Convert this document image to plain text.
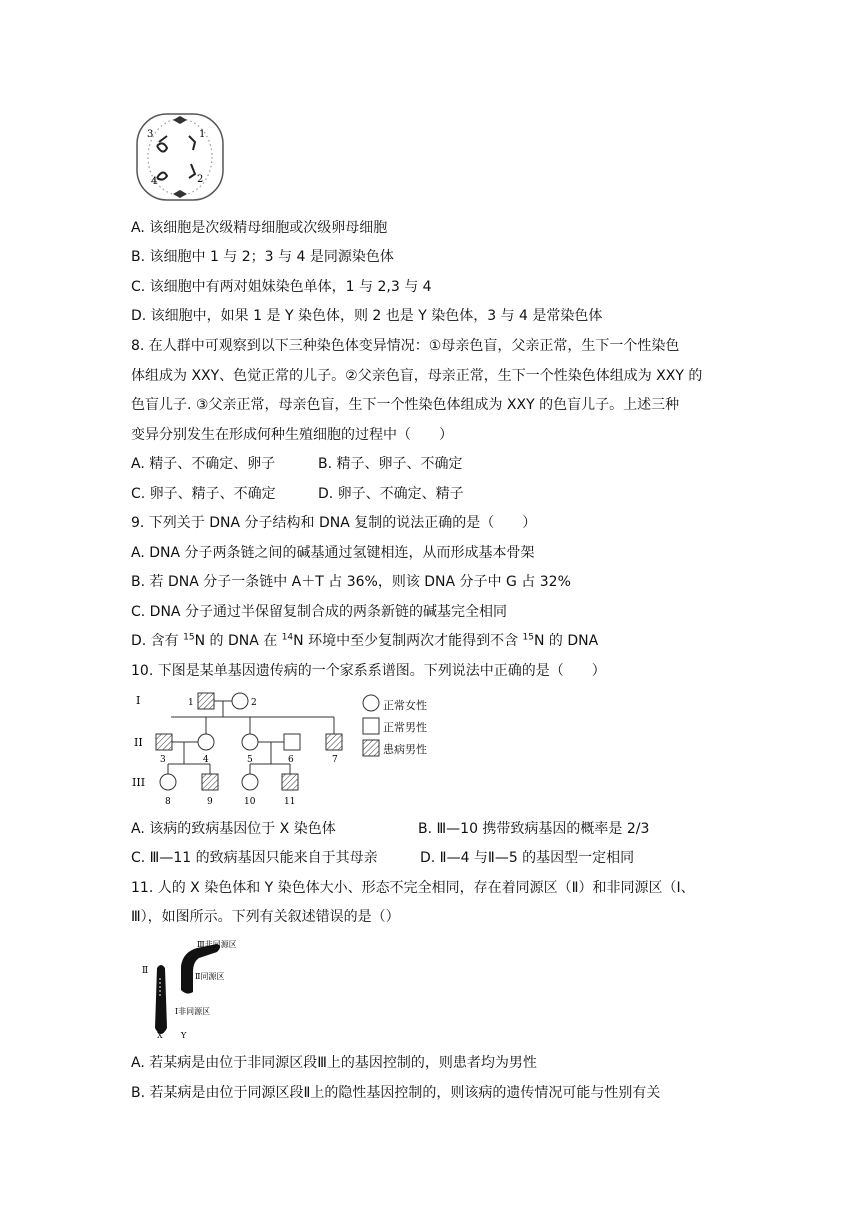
3	1
4	2
A. 该细胞是次级精母细胞或次级卵母细胞
B. 该细胞中 1 与 2；3 与 4 是同源染色体
C. 该细胞中有两对姐妹染色单体，1 与 2,3 与 4
D. 该细胞中，如果 1 是 Y 染色体，则 2 也是 Y 染色体，3 与 4 是常染色体
8. 在人群中可观察到以下三种染色体变异情况：①母亲色盲，父亲正常，生下一个性染色
体组成为 XXY、色觉正常的儿子。②父亲色盲，母亲正常，生下一个性染色体组成为 XXY 的
色盲儿子. ③父亲正常，母亲色盲，生下一个性染色体组成为 XXY 的色盲儿子。上述三种
变异分别发生在形成何种生殖细胞的过程中（　　）
A. 精子、不确定、卵子	B. 精子、卵子、不确定
C. 卵子、精子、不确定	D. 卵子、不确定、精子
9. 下列关于 DNA 分子结构和 DNA 复制的说法正确的是（　　）
A. DNA 分子两条链之间的碱基通过氢键相连，从而形成基本骨架
B. 若 DNA 分子一条链中 A＋T 占 36%，则该 DNA 分子中 G 占 32%
C. DNA 分子通过半保留复制合成的两条新链的碱基完全相同
D. 含有 $^{15}$N 的 DNA 在 $^{14}$N 环境中至少复制两次才能得到不含 $^{15}$N 的 DNA
10. 下图是某单基因遗传病的一个家系系谱图。下列说法中正确的是（　　）
I
II
III
1	2
3	4	5	6	7
8	9	10	11
正常女性
正常男性
患病男性
A. 该病的致病基因位于 X 染色体	B. Ⅲ—10 携带致病基因的概率是 2/3
C. Ⅲ—11 的致病基因只能来自于其母亲	D. Ⅱ—4 与Ⅱ—5 的基因型一定相同
11. 人的 X 染色体和 Y 染色体大小、形态不完全相同，存在着同源区（Ⅱ）和非同源区（Ⅰ、
Ⅲ），如图所示。下列有关叙述错误的是（）
Ⅱ
Ⅲ非同源区
Ⅱ同源区
Ⅰ非同源区
X Y
A. 若某病是由位于非同源区段Ⅲ上的基因控制的，则患者均为男性
B. 若某病是由位于同源区段Ⅱ上的隐性基因控制的，则该病的遗传情况可能与性别有关
